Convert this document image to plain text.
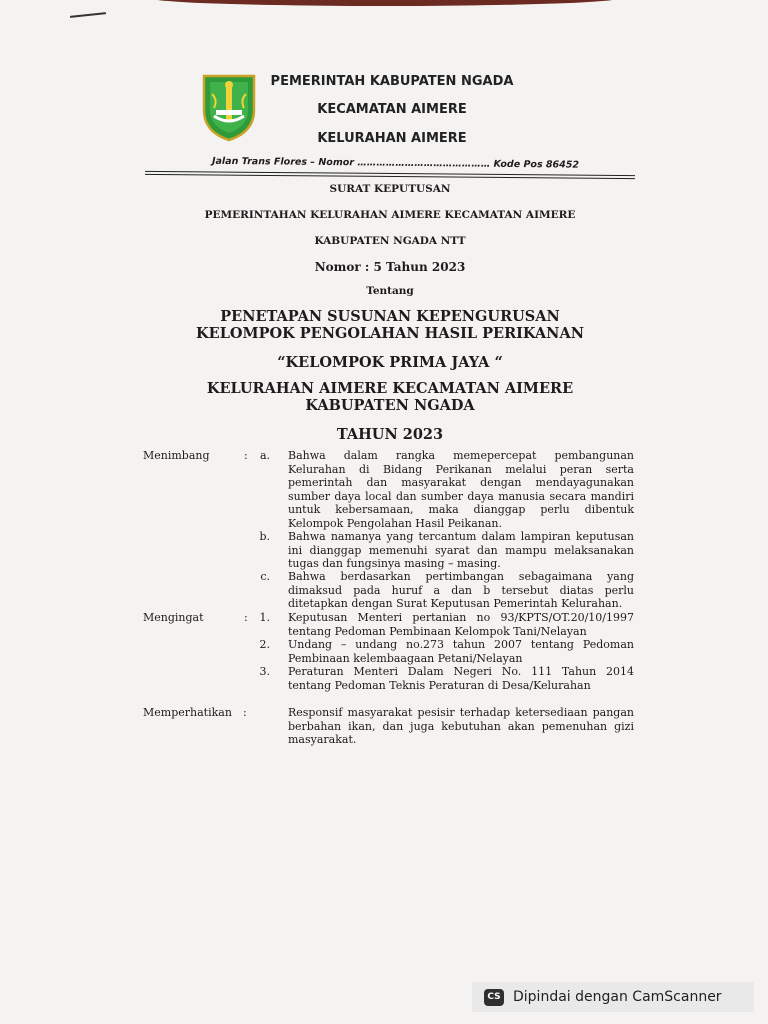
PEMERINTAH KABUPATEN NGADA
KECAMATAN AIMERE
KELURAHAN AIMERE
Jalan Trans Flores – Nomor …………………………………… Kode Pos 86452
SURAT KEPUTUSAN
PEMERINTAHAN KELURAHAN AIMERE KECAMATAN AIMERE
KABUPATEN NGADA NTT
Nomor : 5 Tahun 2023
Tentang
PENETAPAN SUSUNAN KEPENGURUSAN KELOMPOK PENGOLAHAN HASIL PERIKANAN
“KELOMPOK PRIMA JAYA “
KELURAHAN AIMERE KECAMATAN AIMERE KABUPATEN NGADA
TAHUN 2023
Menimbang	:	a. Bahwa dalam rangka memepercepat pembangunan Kelurahan di Bidang Perikanan melalui peran serta pemerintah dan masyarakat dengan mendayagunakan sumber daya local dan sumber daya manusia secara mandiri untuk kebersamaan, maka dianggap perlu dibentuk Kelompok Pengolahan Hasil Peikanan.
b. Bahwa namanya yang tercantum dalam lampiran keputusan ini dianggap memenuhi syarat dan mampu melaksanakan tugas dan fungsinya masing – masing.
c. Bahwa berdasarkan pertimbangan sebagaimana yang dimaksud pada huruf a dan b tersebut diatas perlu ditetapkan dengan Surat Keputusan Pemerintah Kelurahan.
Mengingat	:	1. Keputusan Menteri pertanian no 93/KPTS/OT.20/10/1997 tentang Pedoman Pembinaan Kelompok Tani/Nelayan
2. Undang – undang no.273 tahun 2007 tentang Pedoman Pembinaan kelembaagaan Petani/Nelayan
3. Peraturan Menteri Dalam Negeri No. 111 Tahun 2014 tentang Pedoman Teknis Peraturan di Desa/Kelurahan
Memperhatikan :	Responsif masyarakat pesisir terhadap ketersediaan pangan berbahan ikan, dan juga kebutuhan akan pemenuhan gizi masyarakat.
CS Dipindai dengan CamScanner
